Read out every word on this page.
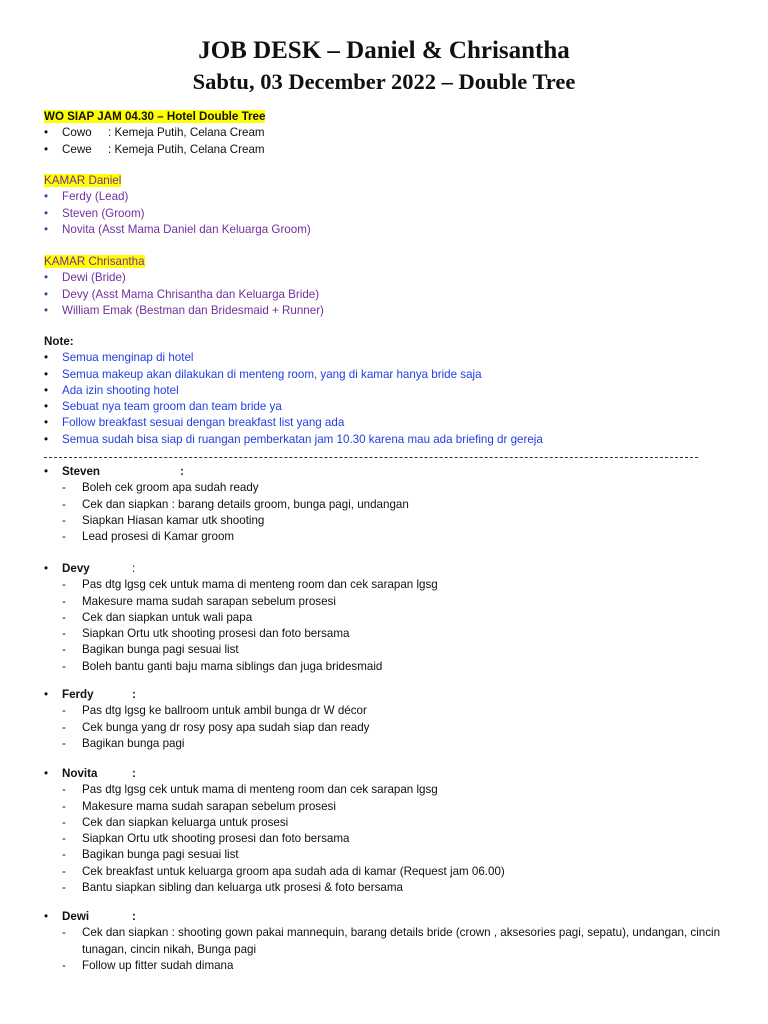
JOB DESK – Daniel & Chrisantha
Sabtu, 03 December 2022 – Double Tree
WO SIAP JAM 04.30 – Hotel Double Tree
• Cowo : Kemeja Putih, Celana Cream
• Cewe : Kemeja Putih, Celana Cream
KAMAR Daniel
• Ferdy (Lead)
• Steven (Groom)
• Novita (Asst Mama Daniel dan Keluarga Groom)
KAMAR Chrisantha
• Dewi (Bride)
• Devy (Asst Mama Chrisantha dan Keluarga Bride)
• William Emak (Bestman dan Bridesmaid + Runner)
Note:
• Semua menginap di hotel
• Semua makeup akan dilakukan di menteng room, yang di kamar hanya bride saja
• Ada izin shooting hotel
• Sebuat nya team groom dan team bride ya
• Follow breakfast sesuai dengan breakfast list yang ada
• Semua sudah bisa siap di ruangan pemberkatan jam 10.30 karena mau ada briefing dr gereja
• Steven	:
- Boleh cek groom apa sudah ready
- Cek dan siapkan : barang details groom, bunga pagi, undangan
- Siapkan Hiasan kamar utk shooting
- Lead prosesi di Kamar groom
• Devy	:
- Pas dtg lgsg cek untuk mama di menteng room dan cek sarapan lgsg
- Makesure mama sudah sarapan sebelum prosesi
- Cek dan siapkan untuk wali papa
- Siapkan Ortu utk shooting prosesi dan foto bersama
- Bagikan bunga pagi sesuai list
- Boleh bantu ganti baju mama siblings dan juga bridesmaid
• Ferdy	:
- Pas dtg lgsg ke ballroom untuk ambil bunga dr W décor
- Cek bunga yang dr rosy posy apa sudah siap dan ready
- Bagikan bunga pagi
• Novita	:
- Pas dtg lgsg cek untuk mama di menteng room dan cek sarapan lgsg
- Makesure mama sudah sarapan sebelum prosesi
- Cek dan siapkan keluarga untuk prosesi
- Siapkan Ortu utk shooting prosesi dan foto bersama
- Bagikan bunga pagi sesuai list
- Cek breakfast untuk keluarga groom apa sudah ada di kamar (Request jam 06.00)
- Bantu siapkan sibling dan keluarga utk prosesi & foto bersama
• Dewi	:
-	Cek dan siapkan : shooting gown pakai mannequin, barang details bride (crown , aksesories pagi, sepatu), undangan, cincin tunagan, cincin nikah, Bunga pagi
- Follow up fitter sudah dimana
